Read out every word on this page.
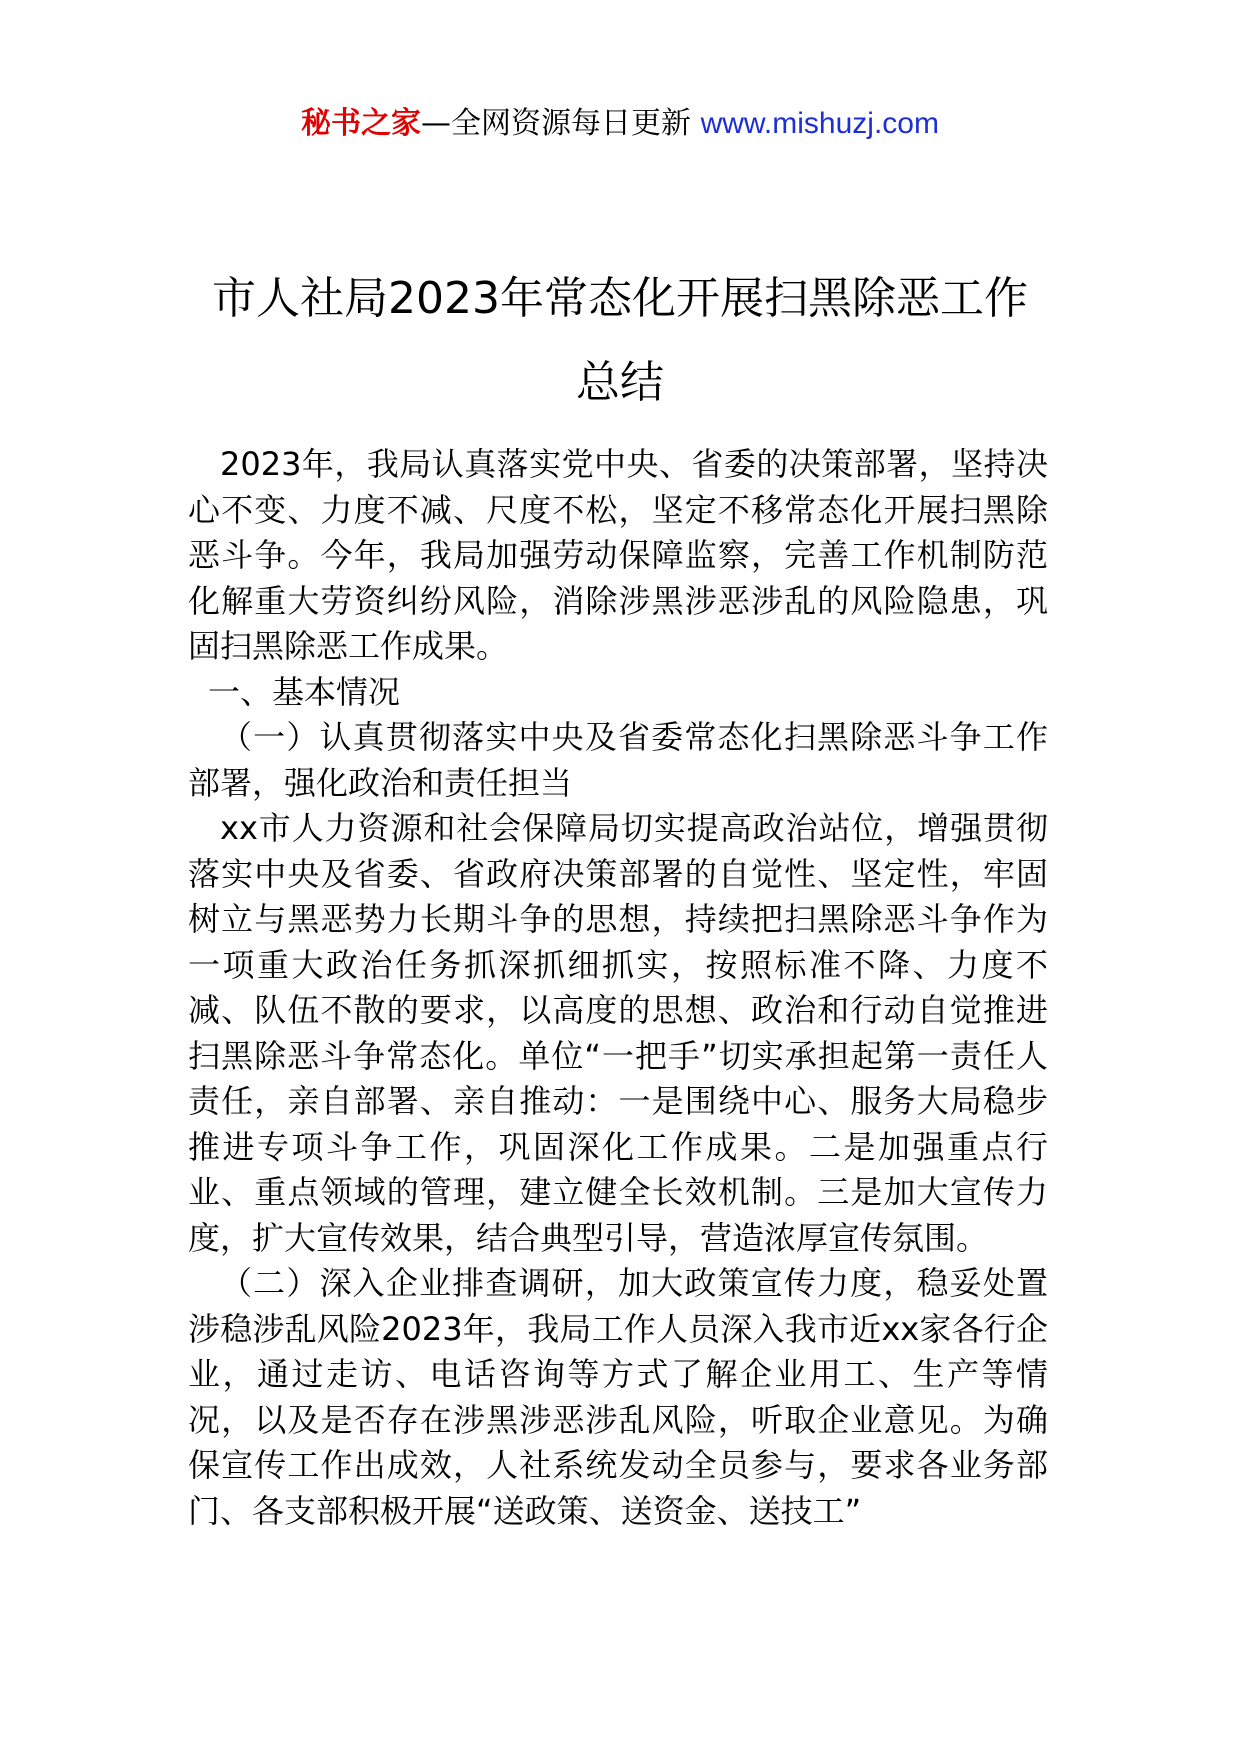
秘书之家—全网资源每日更新 www.mishuzj.com
市人社局2023年常态化开展扫黑除恶工作
总结

2023年，我局认真落实党中央、省委的决策部署，坚持决心不变、力度不减、尺度不松，坚定不移常态化开展扫黑除恶斗争。今年，我局加强劳动保障监察，完善工作机制防范化解重大劳资纠纷风险，消除涉黑涉恶涉乱的风险隐患，巩固扫黑除恶工作成果。

一、基本情况

（一）认真贯彻落实中央及省委常态化扫黑除恶斗争工作部署，强化政治和责任担当

xx市人力资源和社会保障局切实提高政治站位，增强贯彻落实中央及省委、省政府决策部署的自觉性、坚定性，牢固树立与黑恶势力长期斗争的思想，持续把扫黑除恶斗争作为一项重大政治任务抓深抓细抓实，按照标准不降、力度不减、队伍不散的要求，以高度的思想、政治和行动自觉推进扫黑除恶斗争常态化。单位“一把手”切实承担起第一责任人责任，亲自部署、亲自推动：一是围绕中心、服务大局稳步推进专项斗争工作，巩固深化工作成果。二是加强重点行业、重点领域的管理，建立健全长效机制。三是加大宣传力度，扩大宣传效果，结合典型引导，营造浓厚宣传氛围。

（二）深入企业排查调研，加大政策宣传力度，稳妥处置涉稳涉乱风险2023年，我局工作人员深入我市近xx家各行企业，通过走访、电话咨询等方式了解企业用工、生产等情况，以及是否存在涉黑涉恶涉乱风险，听取企业意见。为确保宣传工作出成效，人社系统发动全员参与，要求各业务部门、各支部积极开展“送政策、送资金、送技工”
